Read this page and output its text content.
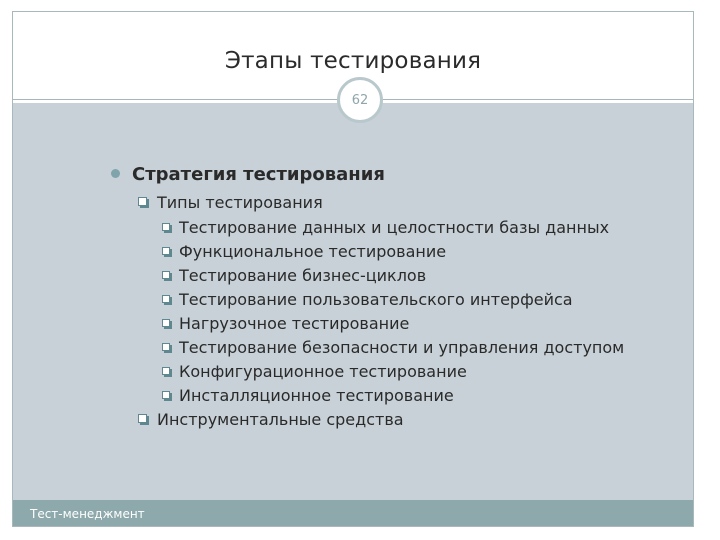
Этапы тестирования
62
Стратегия тестирования
Типы тестирования
Тестирование данных и целостности базы данных
Функциональное тестирование
Тестирование бизнес-циклов
Тестирование пользовательского интерфейса
Нагрузочное тестирование
Тестирование безопасности и управления доступом
Конфигурационное тестирование
Инсталляционное тестирование
Инструментальные средства
Тест-менеджмент
